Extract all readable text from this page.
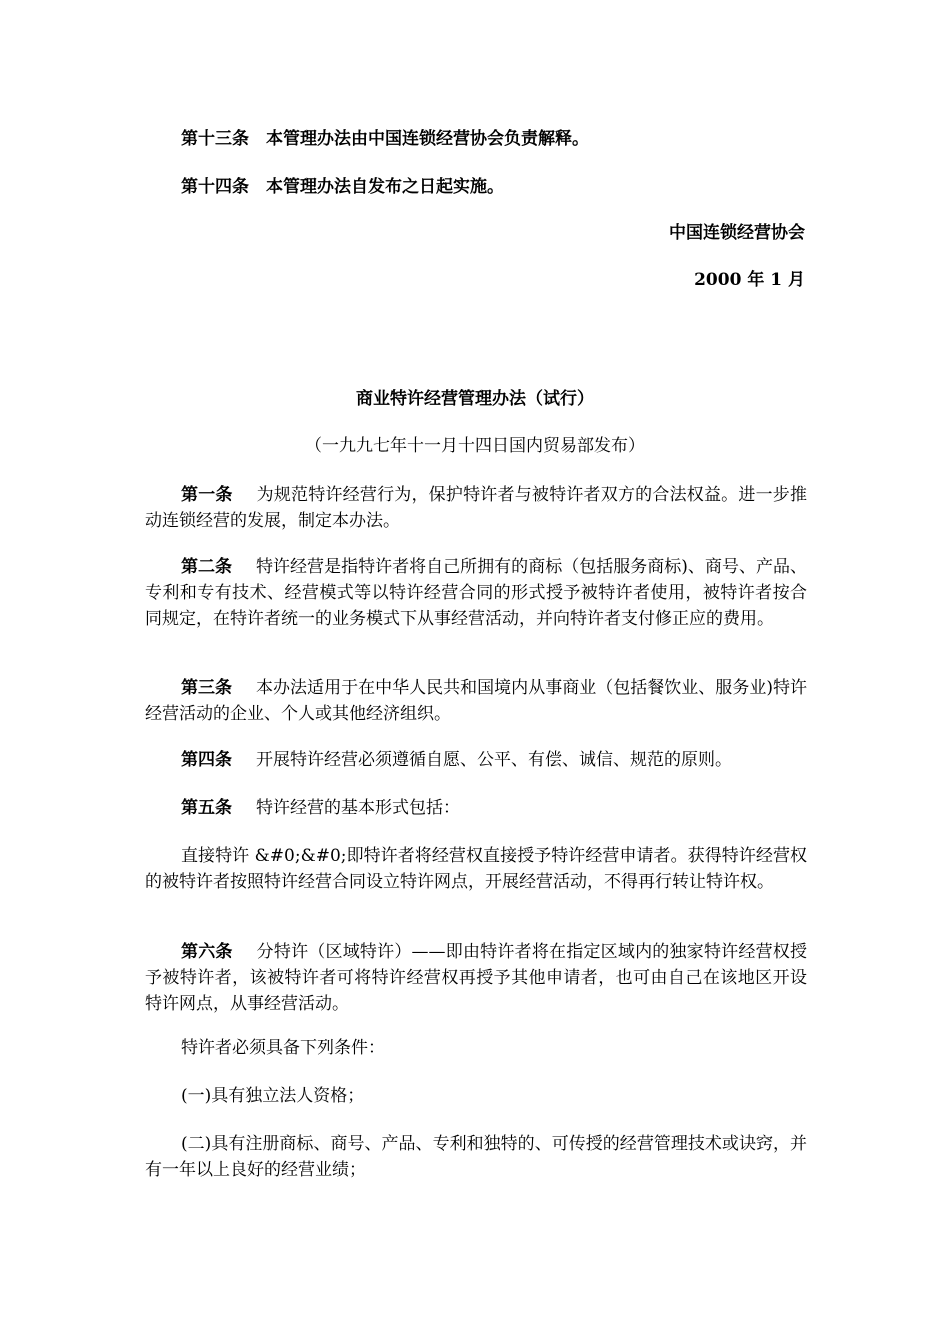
第十三条 本管理办法由中国连锁经营协会负责解释。
第十四条 本管理办法自发布之日起实施。
中国连锁经营协会
2000 年 1 月
商业特许经营管理办法（试行）
（一九九七年十一月十四日国内贸易部发布）
第一条 为规范特许经营行为，保护特许者与被特许者双方的合法权益。进一步推动连锁经营的发展，制定本办法。
第二条 特许经营是指特许者将自己所拥有的商标（包括服务商标)、商号、产品、专利和专有技术、经营模式等以特许经营合同的形式授予被特许者使用，被特许者按合同规定，在特许者统一的业务模式下从事经营活动，并向特许者支付修正应的费用。
第三条 本办法适用于在中华人民共和国境内从事商业（包括餐饮业、服务业)特许经营活动的企业、个人或其他经济组织。
第四条 开展特许经营必须遵循自愿、公平、有偿、诚信、规范的原则。
第五条 特许经营的基本形式包括：
直接特许 &#0;&#0;即特许者将经营权直接授予特许经营申请者。获得特许经营权的被特许者按照特许经营合同设立特许网点，开展经营活动，不得再行转让特许权。
第六条 分特许（区域特许）——即由特许者将在指定区域内的独家特许经营权授予被特许者，该被特许者可将特许经营权再授予其他申请者，也可由自己在该地区开设特许网点，从事经营活动。
特许者必须具备下列条件：
(一)具有独立法人资格；
(二)具有注册商标、商号、产品、专利和独特的、可传授的经营管理技术或诀窍，并有一年以上良好的经营业绩；
